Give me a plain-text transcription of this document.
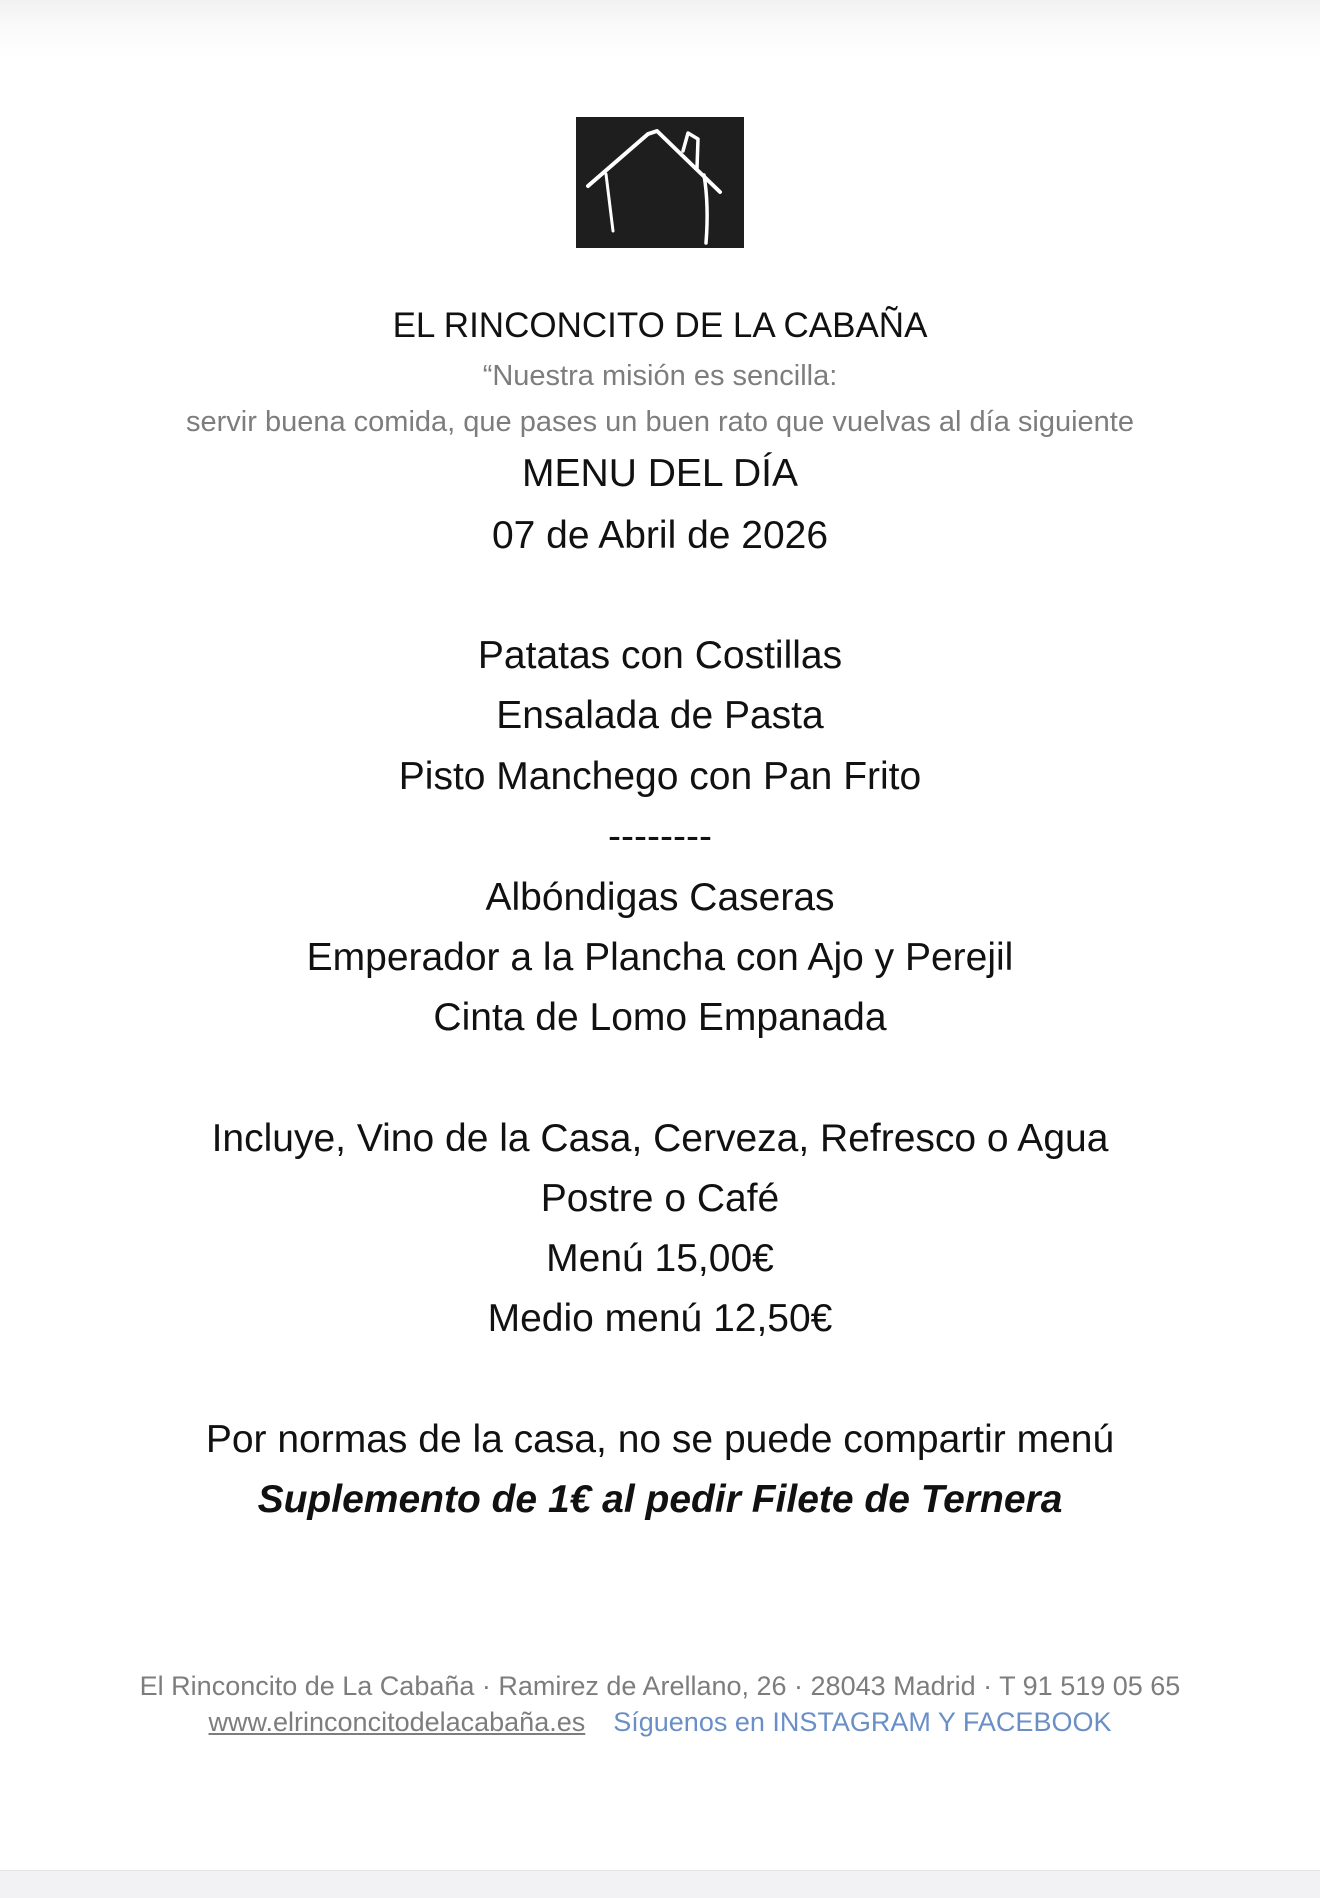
EL RINCONCITO DE LA CABAÑA
“Nuestra misión es sencilla:
servir buena comida, que pases un buen rato que vuelvas al día siguiente
MENU DEL DÍA
07 de Abril de 2026
Patatas con Costillas
Ensalada de Pasta
Pisto Manchego con Pan Frito
--------
Albóndigas Caseras
Emperador a la Plancha con Ajo y Perejil
Cinta de Lomo Empanada
Incluye, Vino de la Casa, Cerveza, Refresco o Agua
Postre o Café
Menú 15,00€
Medio menú 12,50€
Por normas de la casa, no se puede compartir menú
Suplemento de 1€ al pedir Filete de Ternera
El Rinconcito de La Cabaña · Ramirez de Arellano, 26 · 28043 Madrid · T 91 519 05 65
www.elrinconcitodelacabaña.es Síguenos en INSTAGRAM Y FACEBOOK
